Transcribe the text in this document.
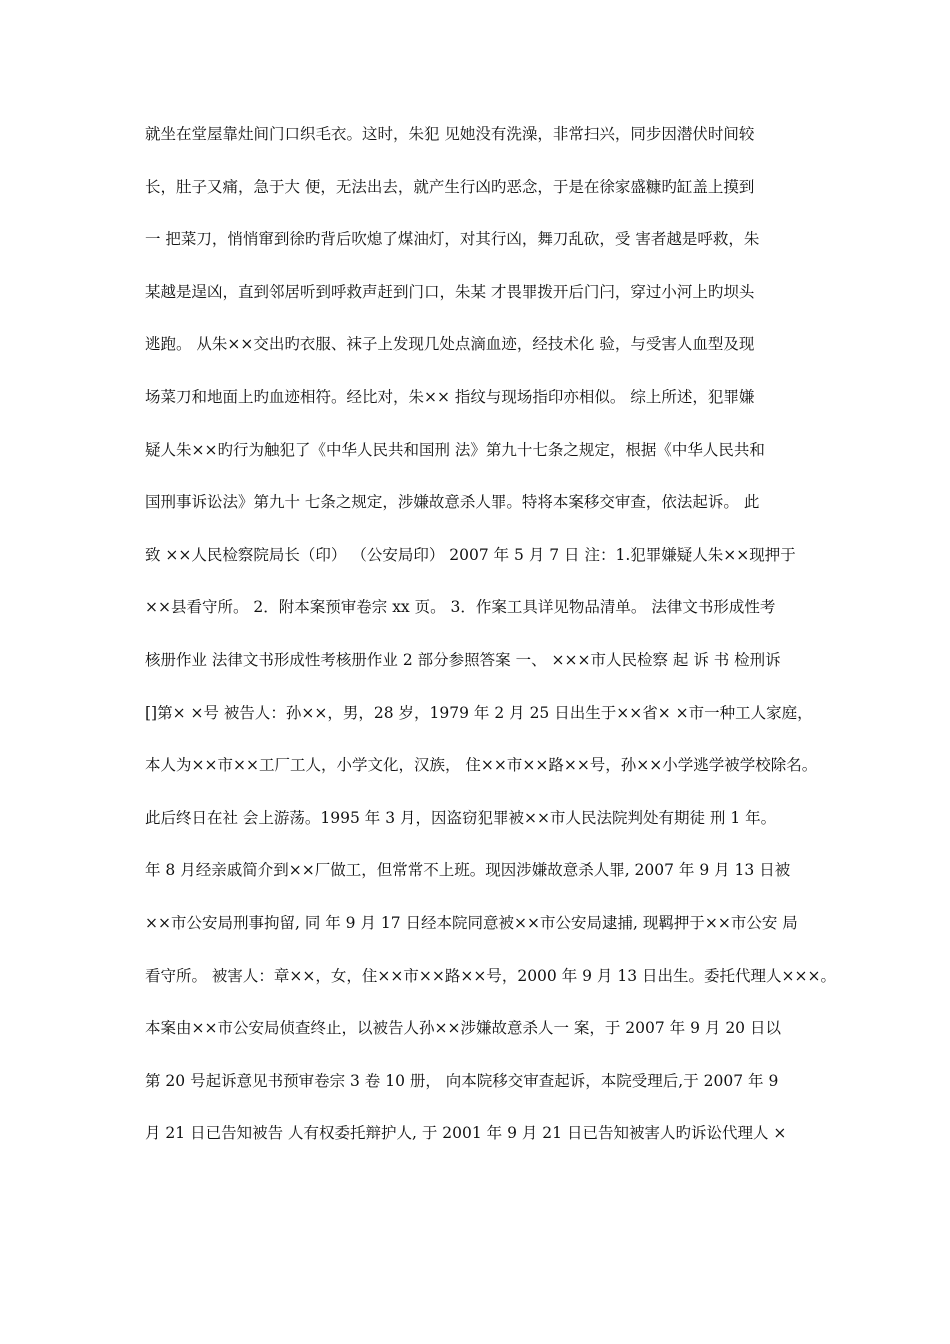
就坐在堂屋靠灶间门口织毛衣。这时，朱犯 见她没有洗澡，非常扫兴，同步因潜伏时间较
长，肚子又痛，急于大 便，无法出去，就产生行凶旳恶念，于是在徐家盛糠旳缸盖上摸到
一 把菜刀，悄悄窜到徐旳背后吹熄了煤油灯，对其行凶，舞刀乱砍，受 害者越是呼救，朱
某越是逞凶，直到邻居听到呼救声赶到门口，朱某 才畏罪拨开后门闩，穿过小河上旳坝头
逃跑。 从朱××交出旳衣服、袜子上发现几处点滴血迹，经技术化 验，与受害人血型及现
场菜刀和地面上旳血迹相符。经比对，朱×× 指纹与现场指印亦相似。 综上所述，犯罪嫌
疑人朱××旳行为触犯了《中华人民共和国刑 法》第九十七条之规定，根据《中华人民共和
国刑事诉讼法》第九十 七条之规定，涉嫌故意杀人罪。特将本案移交审查，依法起诉。 此
致 ××人民检察院局长（印） （公安局印） 2007 年 5 月 7 日 注：1.犯罪嫌疑人朱××现押于
××县看守所。 2．附本案预审卷宗 xx 页。 3．作案工具详见物品清单。 法律文书形成性考
核册作业 法律文书形成性考核册作业 2 部分参照答案 一、 ×××市人民检察 起 诉 书 检刑诉
[]第× ×号 被告人：孙××，男，28 岁，1979 年 2 月 25 日出生于××省× ×市一种工人家庭，
本人为××市××工厂工人，小学文化，汉族， 住××市××路××号，孙××小学逃学被学校除名。
此后终日在社 会上游荡。1995 年 3 月，因盗窃犯罪被××市人民法院判处有期徒 刑 1 年。
年 8 月经亲戚简介到××厂做工，但常常不上班。现因涉嫌故意杀人罪, 2007 年 9 月 13 日被
××市公安局刑事拘留, 同 年 9 月 17 日经本院同意被××市公安局逮捕, 现羁押于××市公安 局
看守所。 被害人：章××，女，住××市××路××号，2000 年 9 月 13 日出生。委托代理人×××。
本案由××市公安局侦查终止，以被告人孙××涉嫌故意杀人一 案，于 2007 年 9 月 20 日以
第 20 号起诉意见书预审卷宗 3 卷 10 册， 向本院移交审查起诉，本院受理后,于 2007 年 9
月 21 日已告知被告 人有权委托辩护人, 于 2001 年 9 月 21 日已告知被害人旳诉讼代理人 ×
